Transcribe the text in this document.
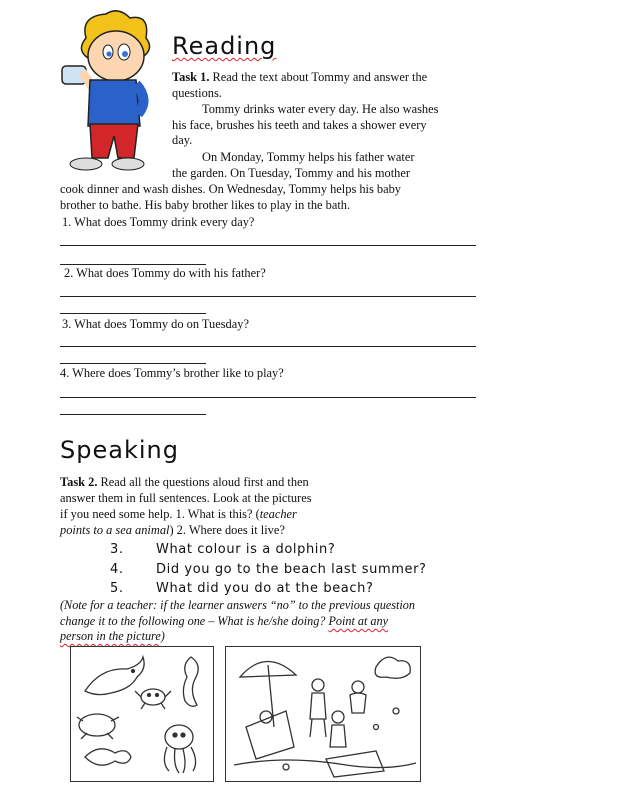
Reading
Task 1. Read the text about Tommy and answer the questions.
Tommy drinks water every day. He also washes his face, brushes his teeth and takes a shower every day.
On Monday, Tommy helps his father water
the garden. On Tuesday, Tommy and his mother
cook dinner and wash dishes. On Wednesday, Tommy helps his baby
brother to bathe. His baby brother likes to play in the bath.
1. What does Tommy drink every day?
2. What does Tommy do with his father?
3. What does Tommy do on Tuesday?
4. Where does Tommy’s brother like to play?
Speaking
Task 2. Read all the questions aloud first and then
answer them in full sentences. Look at the pictures
if you need some help. 1. What is this? (teacher
points to a sea animal) 2. Where does it live?
3. What colour is a dolphin?
4. Did you go to the beach last summer?
5. What did you do at the beach?
(Note for a teacher: if the learner answers “no” to the previous question
change it to the following one – What is he/she doing? Point at any
person in the picture)
